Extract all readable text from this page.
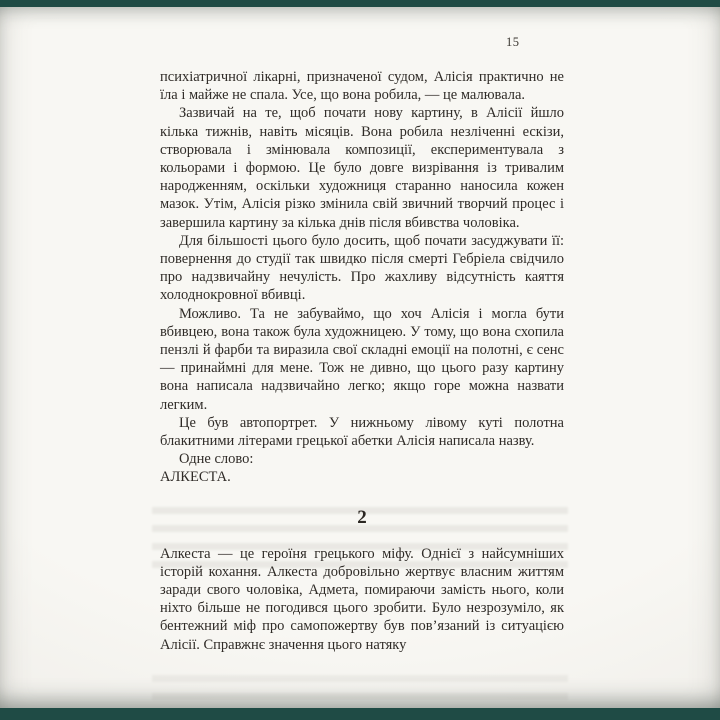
15

психіатричної лікарні, призначеної судом, Алісія практично не їла і майже не спала. Усе, що вона робила, — це малювала.

Зазвичай на те, щоб почати нову картину, в Алісії йшло кілька тижнів, навіть місяців. Вона робила незліченні ескізи, створювала і змінювала композиції, експериментувала з кольорами і формою. Це було довге визрівання із тривалим народженням, оскільки художниця старанно наносила кожен мазок. Утім, Алісія різко змінила свій звичний творчий процес і завершила картину за кілька днів після вбивства чоловіка.

Для більшості цього було досить, щоб почати засуджувати її: повернення до студії так швидко після смерті Гебріела свідчило про надзвичайну нечулість. Про жахливу відсутність каяття холоднокровної вбивці.

Можливо. Та не забуваймо, що хоч Алісія і могла бути вбивцею, вона також була художницею. У тому, що вона схопила пензлі й фарби та виразила свої складні емоції на полотні, є сенс — принаймні для мене. Тож не дивно, що цього разу картину вона написала надзвичайно легко; якщо горе можна назвати легким.

Це був автопортрет. У нижньому лівому куті полотна блакитними літерами грецької абетки Алісія написала назву.

Одне слово:

АЛКЕСТА.

2

Алкеста — це героїня грецького міфу. Однієї з найсумніших історій кохання. Алкеста добровільно жертвує власним життям заради свого чоловіка, Адмета, помираючи замість нього, коли ніхто більше не погодився цього зробити. Було незрозуміло, як бентежний міф про самопожертву був пов’язаний із ситуацією Алісії. Справжнє значення цього натяку
